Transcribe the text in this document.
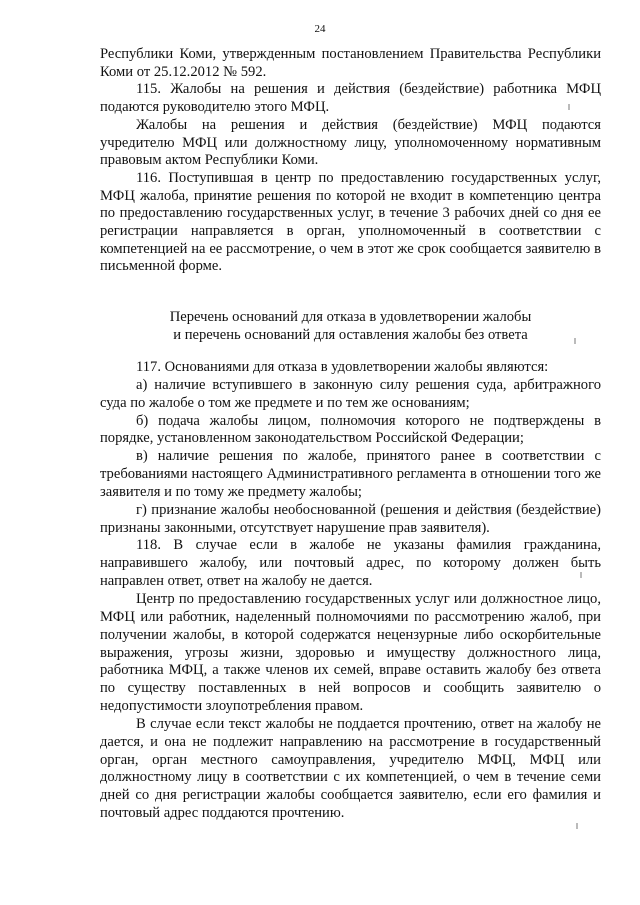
24

Республики Коми, утвержденным постановлением Правительства Республики Коми от 25.12.2012 № 592.

115. Жалобы на решения и действия (бездействие) работника МФЦ подаются руководителю этого МФЦ.

Жалобы на решения и действия (бездействие) МФЦ подаются учредителю МФЦ или должностному лицу, уполномоченному нормативным правовым актом Республики Коми.

116. Поступившая в центр по предоставлению государственных услуг, МФЦ жалоба, принятие решения по которой не входит в компетенцию центра по предоставлению государственных услуг, в течение 3 рабочих дней со дня ее регистрации направляется в орган, уполномоченный в соответствии с компетенцией на ее рассмотрение, о чем в этот же срок сообщается заявителю в письменной форме.

Перечень оснований для отказа в удовлетворении жалобы
и перечень оснований для оставления жалобы без ответа

117. Основаниями для отказа в удовлетворении жалобы являются:

а) наличие вступившего в законную силу решения суда, арбитражного суда по жалобе о том же предмете и по тем же основаниям;

б) подача жалобы лицом, полномочия которого не подтверждены в порядке, установленном законодательством Российской Федерации;

в) наличие решения по жалобе, принятого ранее в соответствии с требованиями настоящего Административного регламента в отношении того же заявителя и по тому же предмету жалобы;

г) признание жалобы необоснованной (решения и действия (бездействие) признаны законными, отсутствует нарушение прав заявителя).

118. В случае если в жалобе не указаны фамилия гражданина, направившего жалобу, или почтовый адрес, по которому должен быть направлен ответ, ответ на жалобу не дается.

Центр по предоставлению государственных услуг или должностное лицо, МФЦ или работник, наделенный полномочиями по рассмотрению жалоб, при получении жалобы, в которой содержатся нецензурные либо оскорбительные выражения, угрозы жизни, здоровью и имуществу должностного лица, работника МФЦ, а также членов их семей, вправе оставить жалобу без ответа по существу поставленных в ней вопросов и сообщить заявителю о недопустимости злоупотребления правом.

В случае если текст жалобы не поддается прочтению, ответ на жалобу не дается, и она не подлежит направлению на рассмотрение в государственный орган, орган местного самоуправления, учредителю МФЦ, МФЦ или должностному лицу в соответствии с их компетенцией, о чем в течение семи дней со дня регистрации жалобы сообщается заявителю, если его фамилия и почтовый адрес поддаются прочтению.
